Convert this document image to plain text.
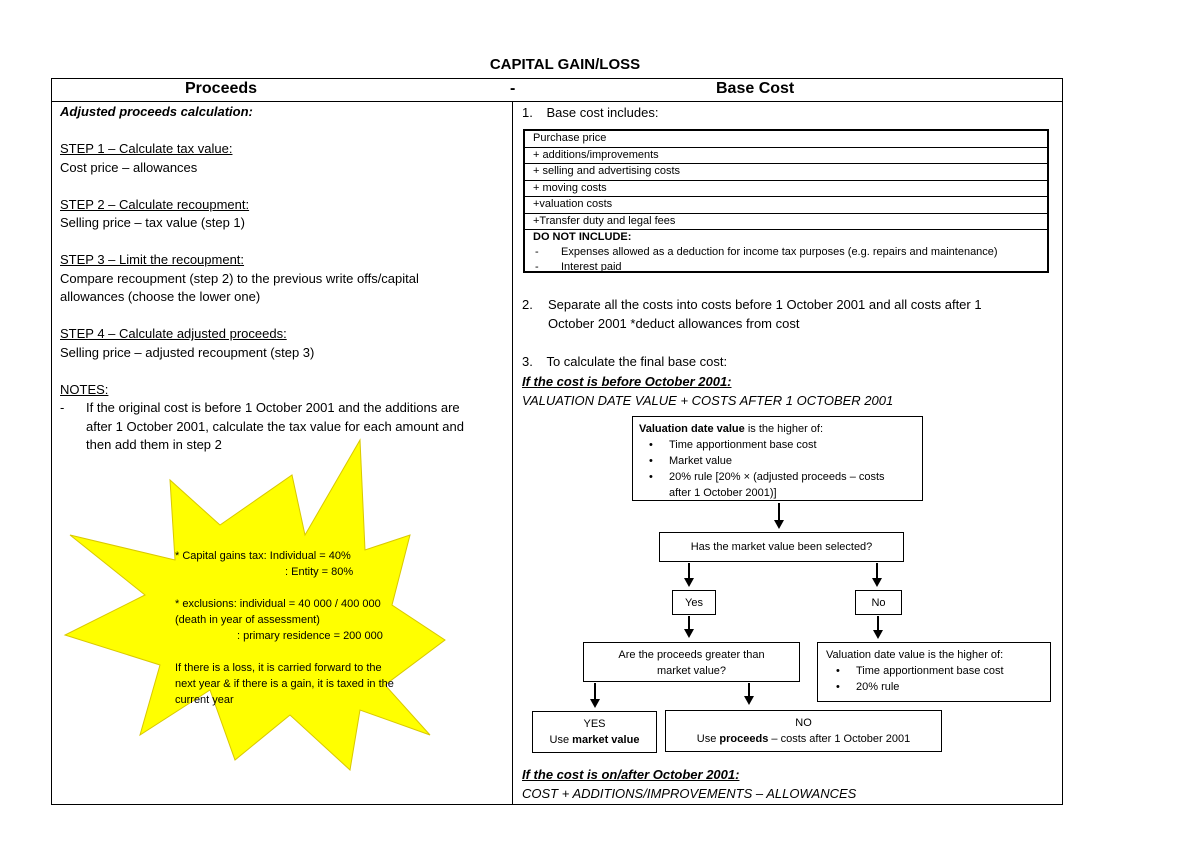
CAPITAL GAIN/LOSS
Proceeds	-	Base Cost
* Capital gains tax: Individual = 40%
: Entity = 80%
* exclusions: individual = 40 000 / 400 000
(death in year of assessment)
: primary residence = 200 000
If there is a loss, it is carried forward to the
next year & if there is a gain, it is taxed in the
current year
Adjusted proceeds calculation:
STEP 1 – Calculate tax value:
Cost price – allowances
STEP 2 – Calculate recoupment:
Selling price – tax value (step 1)
STEP 3 – Limit the recoupment:
Compare recoupment (step 2) to the previous write offs/capital
allowances (choose the lower one)
STEP 4 – Calculate adjusted proceeds:
Selling price – adjusted recoupment (step 3)
NOTES:
- If the original cost is before 1 October 2001 and the additions are
after 1 October 2001, calculate the tax value for each amount and
then add them in step 2
1. Base cost includes:
Purchase price
+ additions/improvements
+ selling and advertising costs
+ moving costs
+valuation costs
+Transfer duty and legal fees
DO NOT INCLUDE:
- Expenses allowed as a deduction for income tax purposes (e.g. repairs and maintenance)
- Interest paid
2. Separate all the costs into costs before 1 October 2001 and all costs after 1
October 2001 *deduct allowances from cost
3. To calculate the final base cost:
If the cost is before October 2001:
VALUATION DATE VALUE + COSTS AFTER 1 OCTOBER 2001
Valuation date value is the higher of:
• Time apportionment base cost
• Market value
• 20% rule [20% × (adjusted proceeds – costs
after 1 October 2001)]
Has the market value been selected?
Yes	No
Are the proceeds greater than
market value?
Valuation date value is the higher of:
• Time apportionment base cost
• 20% rule
YES
Use market value
NO
Use proceeds – costs after 1 October 2001
If the cost is on/after October 2001:
COST + ADDITIONS/IMPROVEMENTS – ALLOWANCES
